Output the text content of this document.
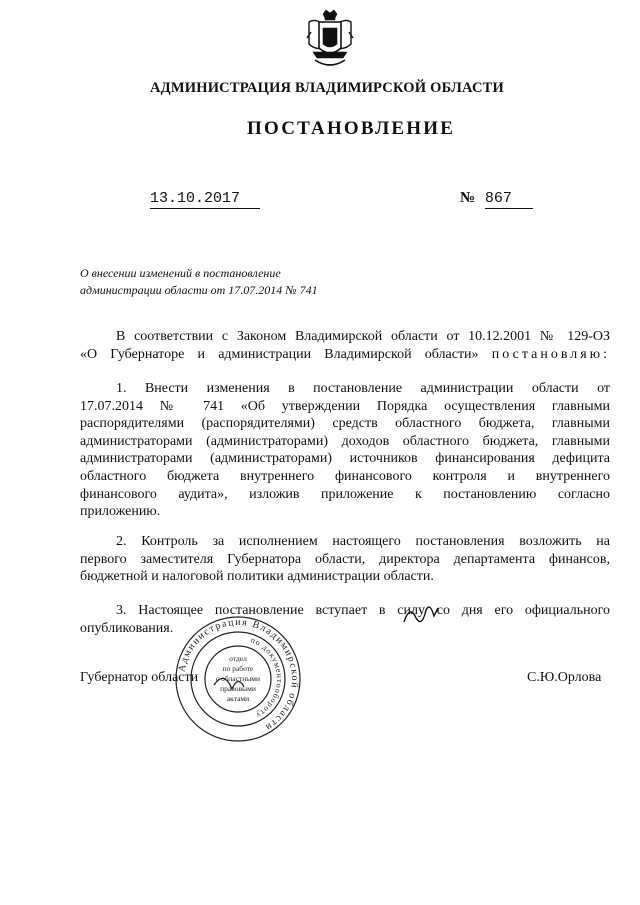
АДМИНИСТРАЦИЯ ВЛАДИМИРСКОЙ ОБЛАСТИ
ПОСТАНОВЛЕНИЕ
13.10.2017	№ 867
О внесении изменений в постановление
администрации области от 17.07.2014 № 741
В соответствии с Законом Владимирской области от 10.12.2001 № 129-ОЗ
«О Губернаторе и администрации Владимирской области» постановляю:
1. Внести изменения в постановление администрации области от
17.07.2014 № 741 «Об утверждении Порядка осуществления главными
распорядителями (распорядителями) средств областного бюджета, главными
администраторами (администраторами) доходов областного бюджета, главными
администраторами (администраторами) источников финансирования дефицита
областного бюджета внутреннего финансового контроля и внутреннего
финансового аудита», изложив приложение к постановлению согласно
приложению.
2. Контроль за исполнением настоящего постановления возложить на
первого заместителя Губернатора области, директора департамента финансов,
бюджетной и налоговой политики администрации области.
3. Настоящее постановление вступает в силу со дня его официального
опубликования.
Губернатор области	С.Ю.Орлова
Администрация Владимирской области
по документообороту
отдел
по работе
с областными
правовыми
актами
